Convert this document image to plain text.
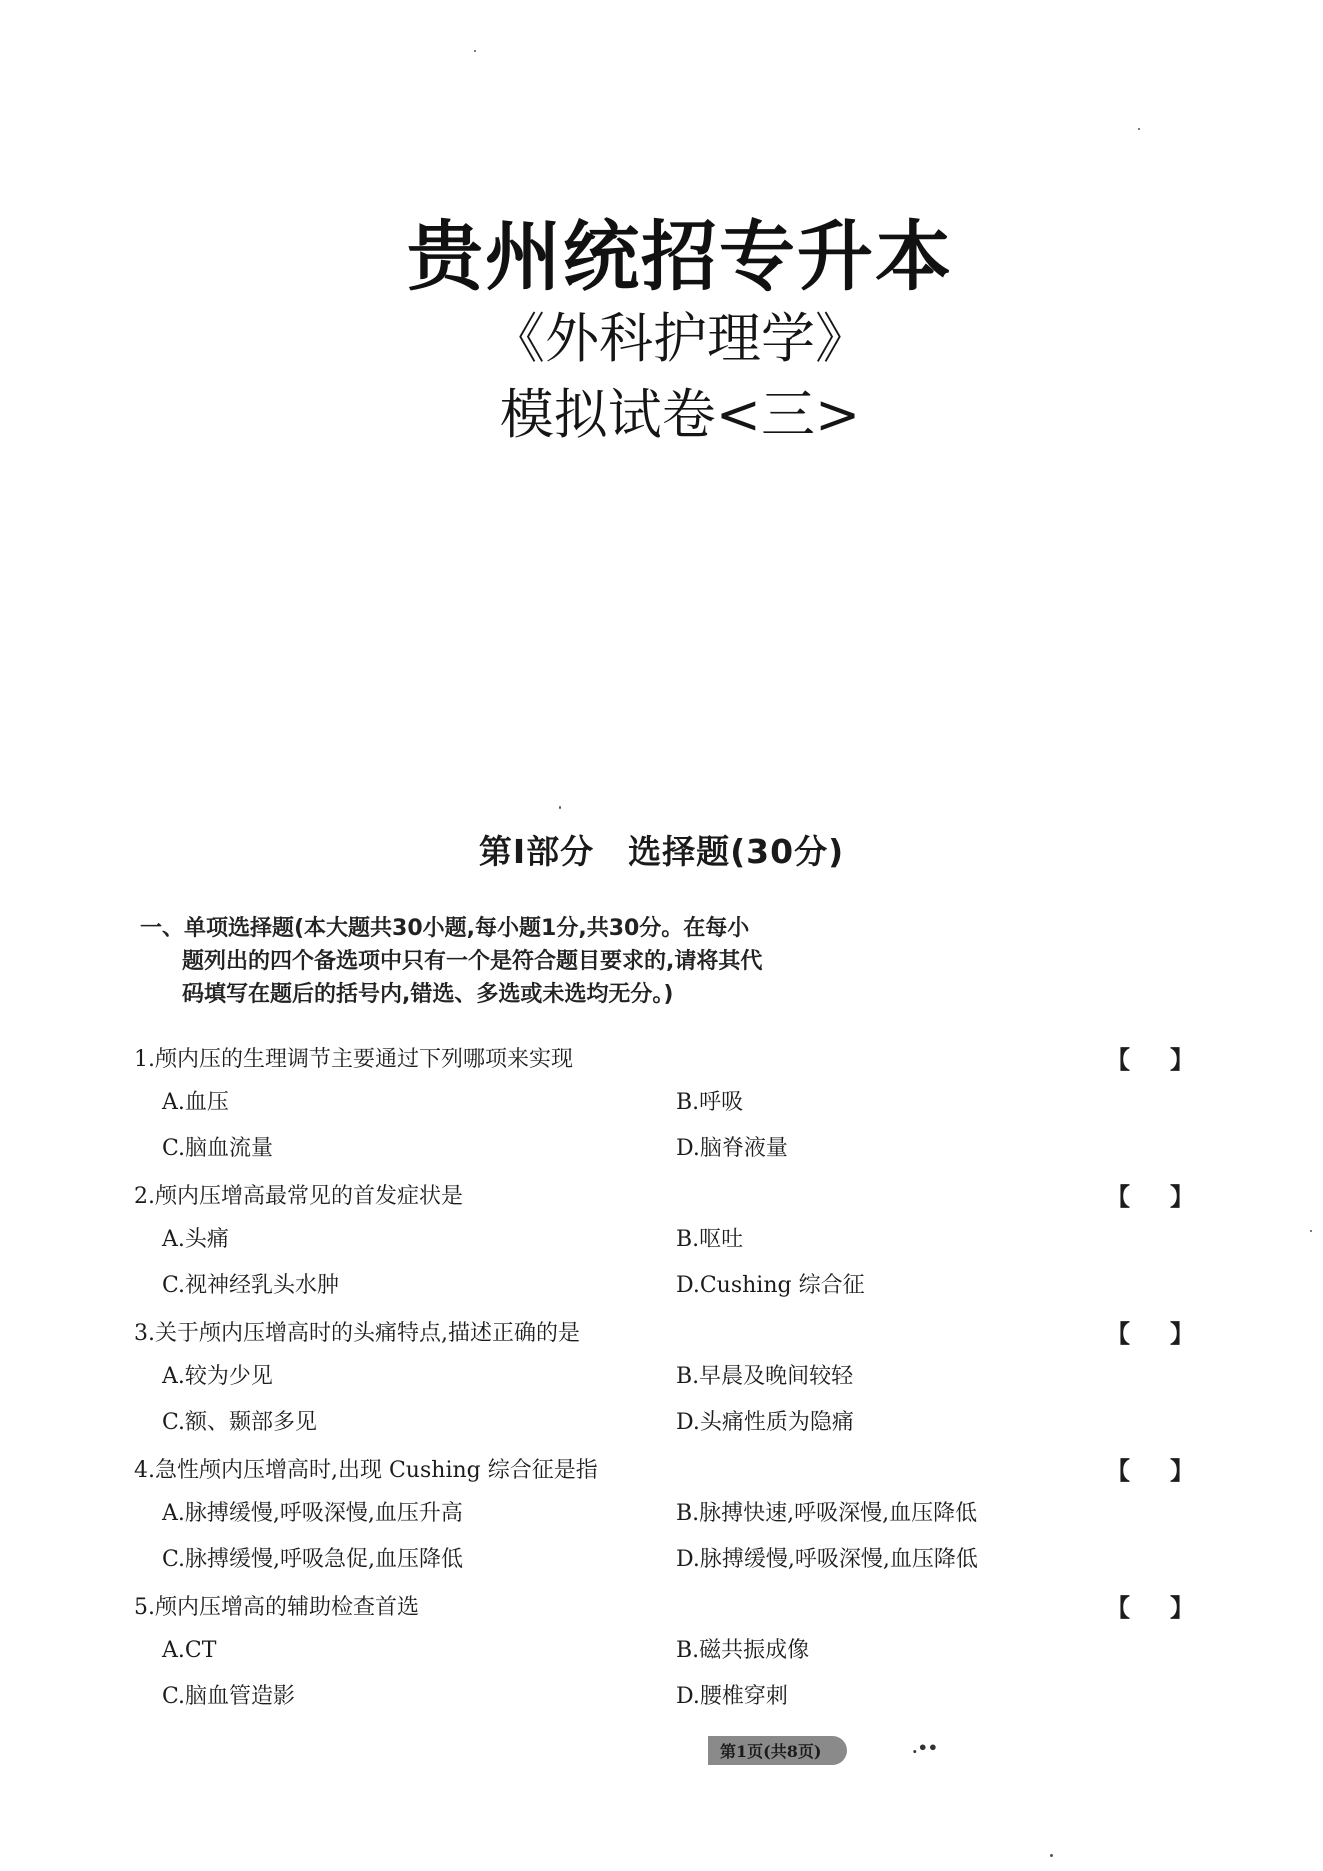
贵州统招专升本
《外科护理学》
模拟试卷<三>
第Ⅰ部分　选择题(30分)
一、单项选择题(本大题共30小题,每小题1分,共30分。在每小
题列出的四个备选项中只有一个是符合题目要求的,请将其代
码填写在题后的括号内,错选、多选或未选均无分。)
1.颅内压的生理调节主要通过下列哪项来实现	【 】
A.血压	B.呼吸
C.脑血流量	D.脑脊液量
2.颅内压增高最常见的首发症状是	【 】
A.头痛	B.呕吐
C.视神经乳头水肿	D.Cushing 综合征
3.关于颅内压增高时的头痛特点,描述正确的是	【 】
A.较为少见	B.早晨及晚间较轻
C.额、颞部多见	D.头痛性质为隐痛
4.急性颅内压增高时,出现 Cushing 综合征是指	【 】
A.脉搏缓慢,呼吸深慢,血压升高	B.脉搏快速,呼吸深慢,血压降低
C.脉搏缓慢,呼吸急促,血压降低	D.脉搏缓慢,呼吸深慢,血压降低
5.颅内压增高的辅助检查首选	【 】
A.CT	B.磁共振成像
C.脑血管造影	D.腰椎穿刺
第1页(共8页)	.••
